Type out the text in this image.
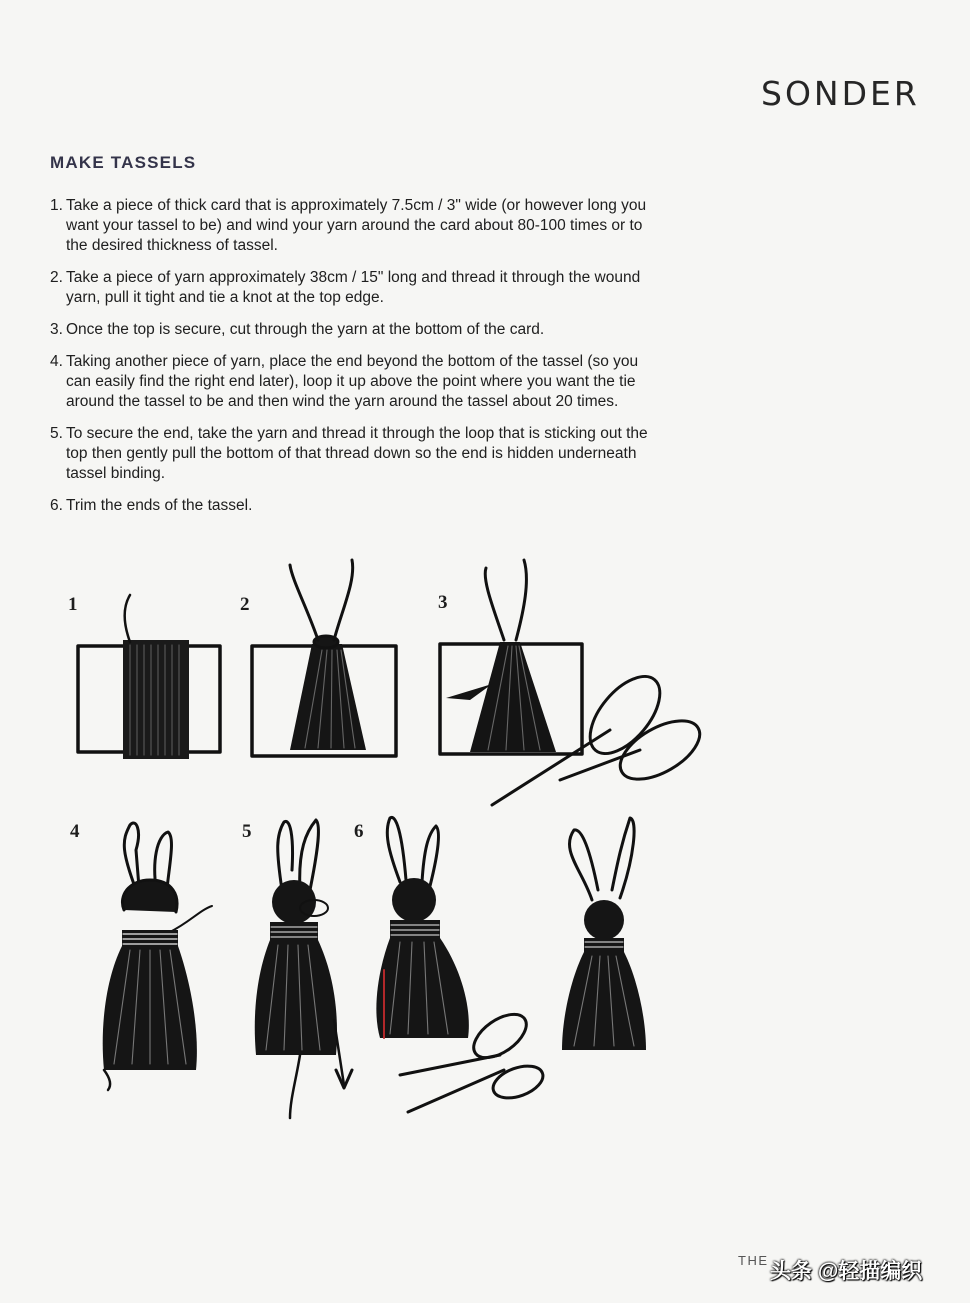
SONDER
MAKE TASSELS
1. Take a piece of thick card that is approximately 7.5cm / 3" wide (or however long you want your tassel to be) and wind your yarn around the card about 80-100 times or to the desired thickness of tassel.
2. Take a piece of yarn approximately 38cm / 15" long and thread it through the wound yarn, pull it tight and tie a knot at the top edge.
3. Once the top is secure, cut through the yarn at the bottom of the card.
4. Taking another piece of yarn, place the end beyond the bottom of the tassel (so you can easily find the right end later), loop it up above the point where you want the tie around the tassel to be and then wind the yarn around the tassel about 20 times.
5. To secure the end, take the yarn and thread it through the loop that is sticking out the top then gently pull the bottom of that thread down so the end is hidden underneath tassel binding.
6. Trim the ends of the tassel.
1	2	3
4	5	6
THE 头条 @轻描编织
